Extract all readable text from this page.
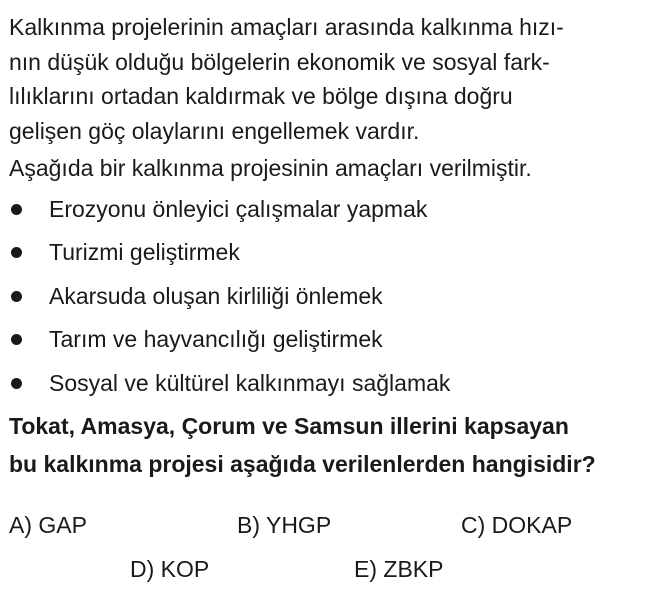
Kalkınma projelerinin amaçları arasında kalkınma hızı-
nın düşük olduğu bölgelerin ekonomik ve sosyal fark-
lılıklarını ortadan kaldırmak ve bölge dışına doğru
gelişen göç olaylarını engellemek vardır.

Aşağıda bir kalkınma projesinin amaçları verilmiştir.

Erozyonu önleyici çalışmalar yapmak
Turizmi geliştirmek
Akarsuda oluşan kirliliği önlemek
Tarım ve hayvancılığı geliştirmek
Sosyal ve kültürel kalkınmayı sağlamak

Tokat, Amasya, Çorum ve Samsun illerini kapsayan
bu kalkınma projesi aşağıda verilenlerden hangisidir?

A) GAP	B) YHGP	C) DOKAP
D) KOP	E) ZBKP
